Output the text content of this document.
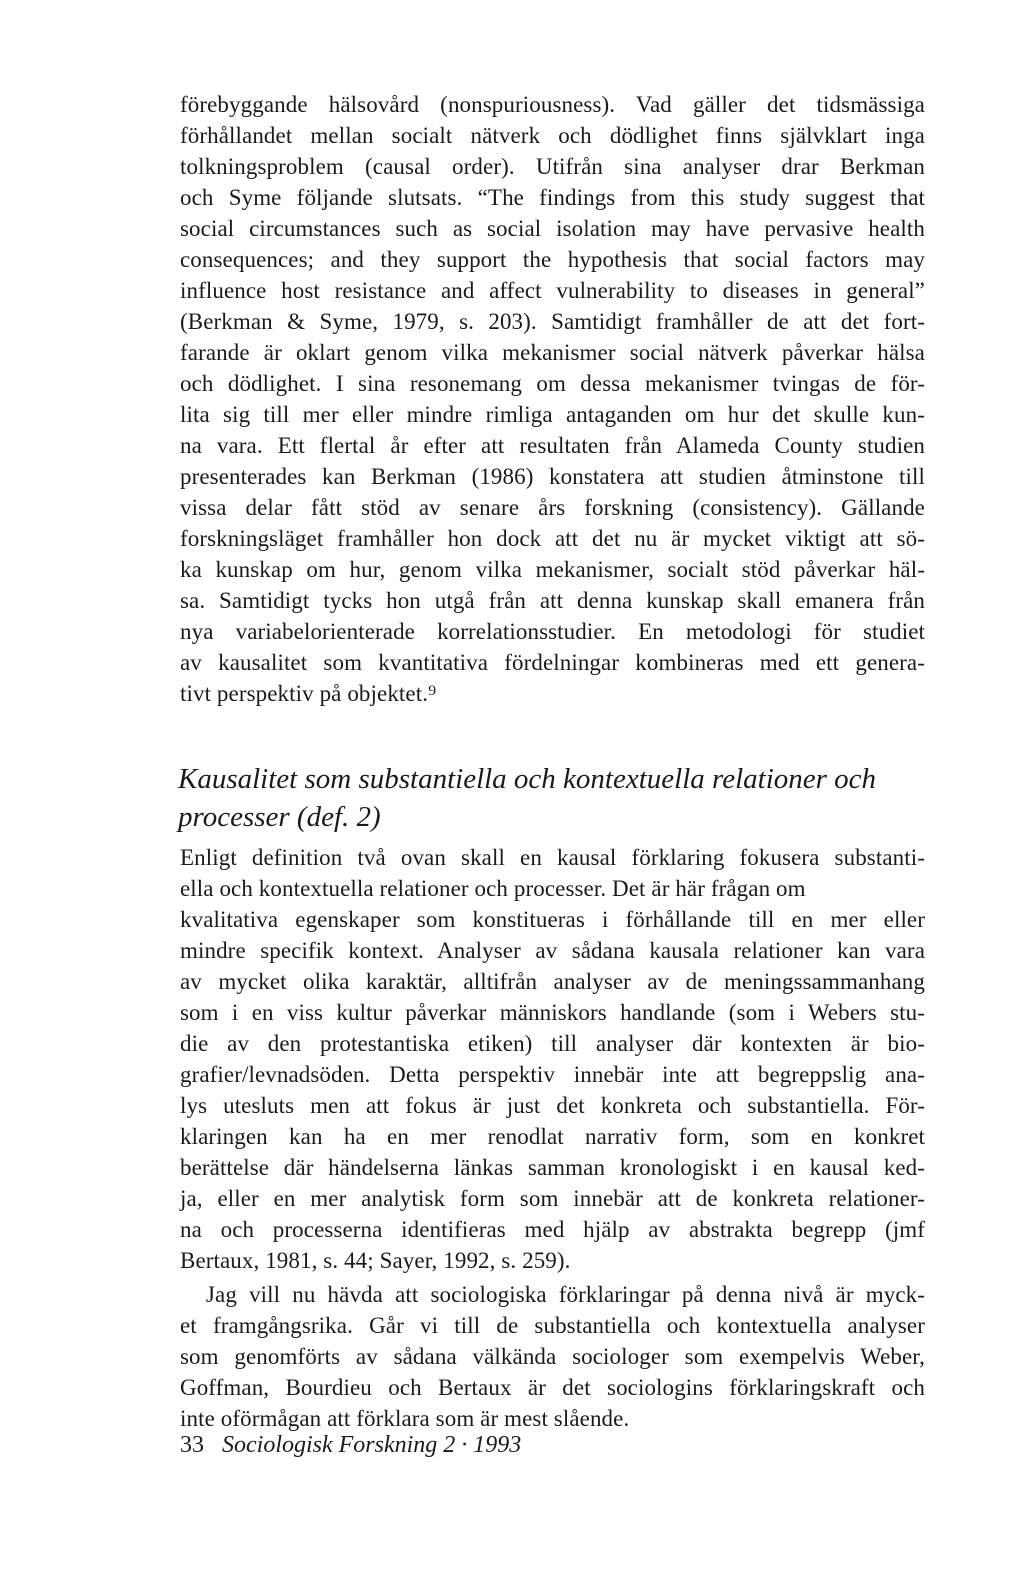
förebyggande hälsovård (nonspuriousness). Vad gäller det tidsmässiga
förhållandet mellan socialt nätverk och dödlighet finns självklart inga
tolkningsproblem (causal order). Utifrån sina analyser drar Berkman
och Syme följande slutsats. “The findings from this study suggest that
social circumstances such as social isolation may have pervasive health
consequences; and they support the hypothesis that social factors may
influence host resistance and affect vulnerability to diseases in general”
(Berkman & Syme, 1979, s. 203). Samtidigt framhåller de att det fort-
farande är oklart genom vilka mekanismer social nätverk påverkar hälsa
och dödlighet. I sina resonemang om dessa mekanismer tvingas de för-
lita sig till mer eller mindre rimliga antaganden om hur det skulle kun-
na vara. Ett flertal år efter att resultaten från Alameda County studien
presenterades kan Berkman (1986) konstatera att studien åtminstone till
vissa delar fått stöd av senare års forskning (consistency). Gällande
forskningsläget framhåller hon dock att det nu är mycket viktigt att sö-
ka kunskap om hur, genom vilka mekanismer, socialt stöd påverkar häl-
sa. Samtidigt tycks hon utgå från att denna kunskap skall emanera från
nya variabelorienterade korrelationsstudier. En metodologi för studiet
av kausalitet som kvantitativa fördelningar kombineras med ett genera-
tivt perspektiv på objektet.⁹
Kausalitet som substantiella och kontextuella relationer och
processer (def. 2)
Enligt definition två ovan skall en kausal förklaring fokusera substanti-
ella och kontextuella relationer och processer. Det är här frågan om
kvalitativa egenskaper som konstitueras i förhållande till en mer eller
mindre specifik kontext. Analyser av sådana kausala relationer kan vara
av mycket olika karaktär, alltifrån analyser av de meningssammanhang
som i en viss kultur påverkar människors handlande (som i Webers stu-
die av den protestantiska etiken) till analyser där kontexten är bio-
grafier/levnadsöden. Detta perspektiv innebär inte att begreppslig ana-
lys utesluts men att fokus är just det konkreta och substantiella. För-
klaringen kan ha en mer renodlat narrativ form, som en konkret
berättelse där händelserna länkas samman kronologiskt i en kausal ked-
ja, eller en mer analytisk form som innebär att de konkreta relationer-
na och processerna identifieras med hjälp av abstrakta begrepp (jmf
Bertaux, 1981, s. 44; Sayer, 1992, s. 259).
Jag vill nu hävda att sociologiska förklaringar på denna nivå är myck-
et framgångsrika. Går vi till de substantiella och kontextuella analyser
som genomförts av sådana välkända sociologer som exempelvis Weber,
Goffman, Bourdieu och Bertaux är det sociologins förklaringskraft och
inte oförmågan att förklara som är mest slående.
33 Sociologisk Forskning 2 · 1993
